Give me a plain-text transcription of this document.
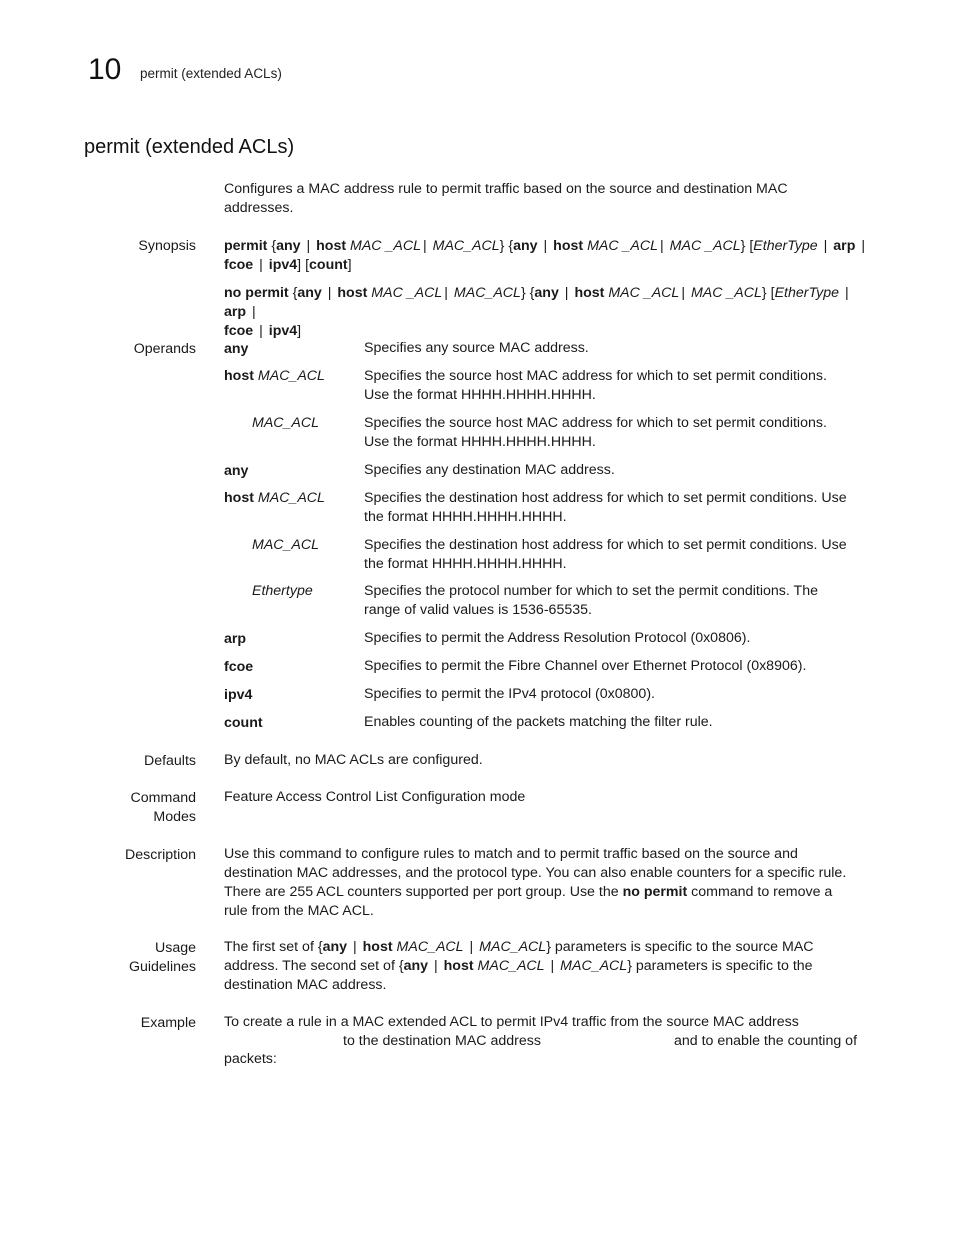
10 permit (extended ACLs)
permit (extended ACLs)

Configures a MAC address rule to permit traffic based on the source and destination MAC
addresses.

Synopsis permit {any | host MAC _ACL | MAC_ACL} {any | host MAC _ACL | MAC _ACL} [EtherType | arp |
fcoe | ipv4] [count]

no permit {any | host MAC _ACL | MAC_ACL} {any | host MAC _ACL | MAC _ACL} [EtherType | arp |
fcoe | ipv4]

Operands any	Specifies any source MAC address.
host MAC_ACL	Specifies the source host MAC address for which to set permit conditions.
Use the format HHHH.HHHH.HHHH.
MAC_ACL	Specifies the source host MAC address for which to set permit conditions.
Use the format HHHH.HHHH.HHHH.
any	Specifies any destination MAC address.
host MAC_ACL	Specifies the destination host address for which to set permit conditions. Use
the format HHHH.HHHH.HHHH.
MAC_ACL	Specifies the destination host address for which to set permit conditions. Use
the format HHHH.HHHH.HHHH.
Ethertype	Specifies the protocol number for which to set the permit conditions. The
range of valid values is 1536-65535.
arp	Specifies to permit the Address Resolution Protocol (0x0806).
fcoe	Specifies to permit the Fibre Channel over Ethernet Protocol (0x8906).
ipv4	Specifies to permit the IPv4 protocol (0x0800).
count	Enables counting of the packets matching the filter rule.
Defaults By default, no MAC ACLs are configured.

Command
Modes

Feature Access Control List Configuration mode

Description Use this command to configure rules to match and to permit traffic based on the source and
destination MAC addresses, and the protocol type. You can also enable counters for a specific rule.
There are 255 ACL counters supported per port group. Use the no permit command to remove a
rule from the MAC ACL.

Usage
Guidelines

The first set of {any | host MAC_ACL | MAC_ACL} parameters is specific to the source MAC
address. The second set of {any | host MAC_ACL | MAC_ACL} parameters is specific to the
destination MAC address.

Example To create a rule in a MAC extended ACL to permit IPv4 traffic from the source MAC address
to the destination MAC address	and to enable the counting of
packets:
